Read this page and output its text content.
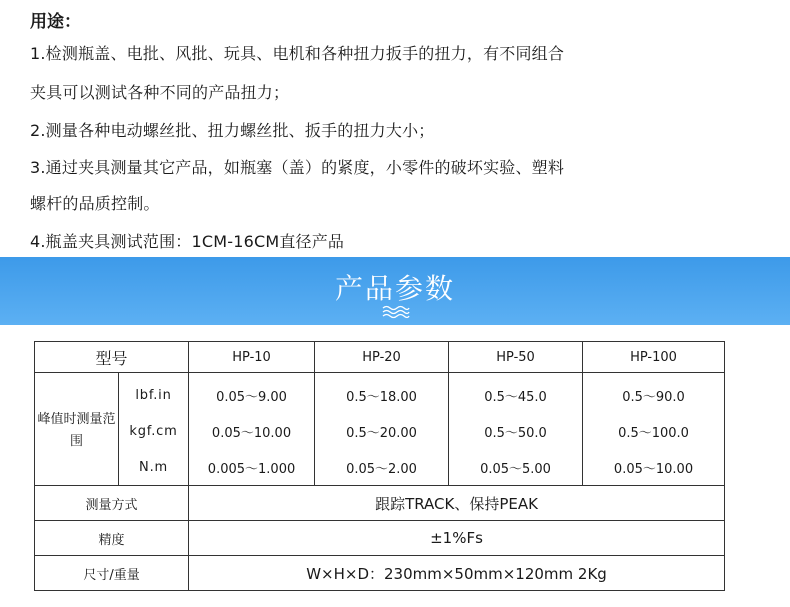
用途：
1.检测瓶盖、电批、风批、玩具、电机和各种扭力扳手的扭力，有不同组合
夹具可以测试各种不同的产品扭力；
2.测量各种电动螺丝批、扭力螺丝批、扳手的扭力大小；
3.通过夹具测量其它产品，如瓶塞（盖）的紧度，小零件的破坏实验、塑料
螺杆的品质控制。
4.瓶盖夹具测试范围：1CM-16CM直径产品
产品参数
型号		HP-10	HP-20	HP-50	HP-100
峰值时测量范围	lbf.in	0.05～9.00	0.5～18.00	0.5～45.0	0.5～90.0
	kgf.cm	0.05～10.00	0.5～20.00	0.5～50.0	0.5～100.0
	N.m	0.005～1.000	0.05～2.00	0.05～5.00	0.05～10.00
测量方式		跟踪TRACK、保持PEAK			
精度		±1%Fs			
尺寸/重量		W×H×D：230mm×50mm×120mm 2Kg			
